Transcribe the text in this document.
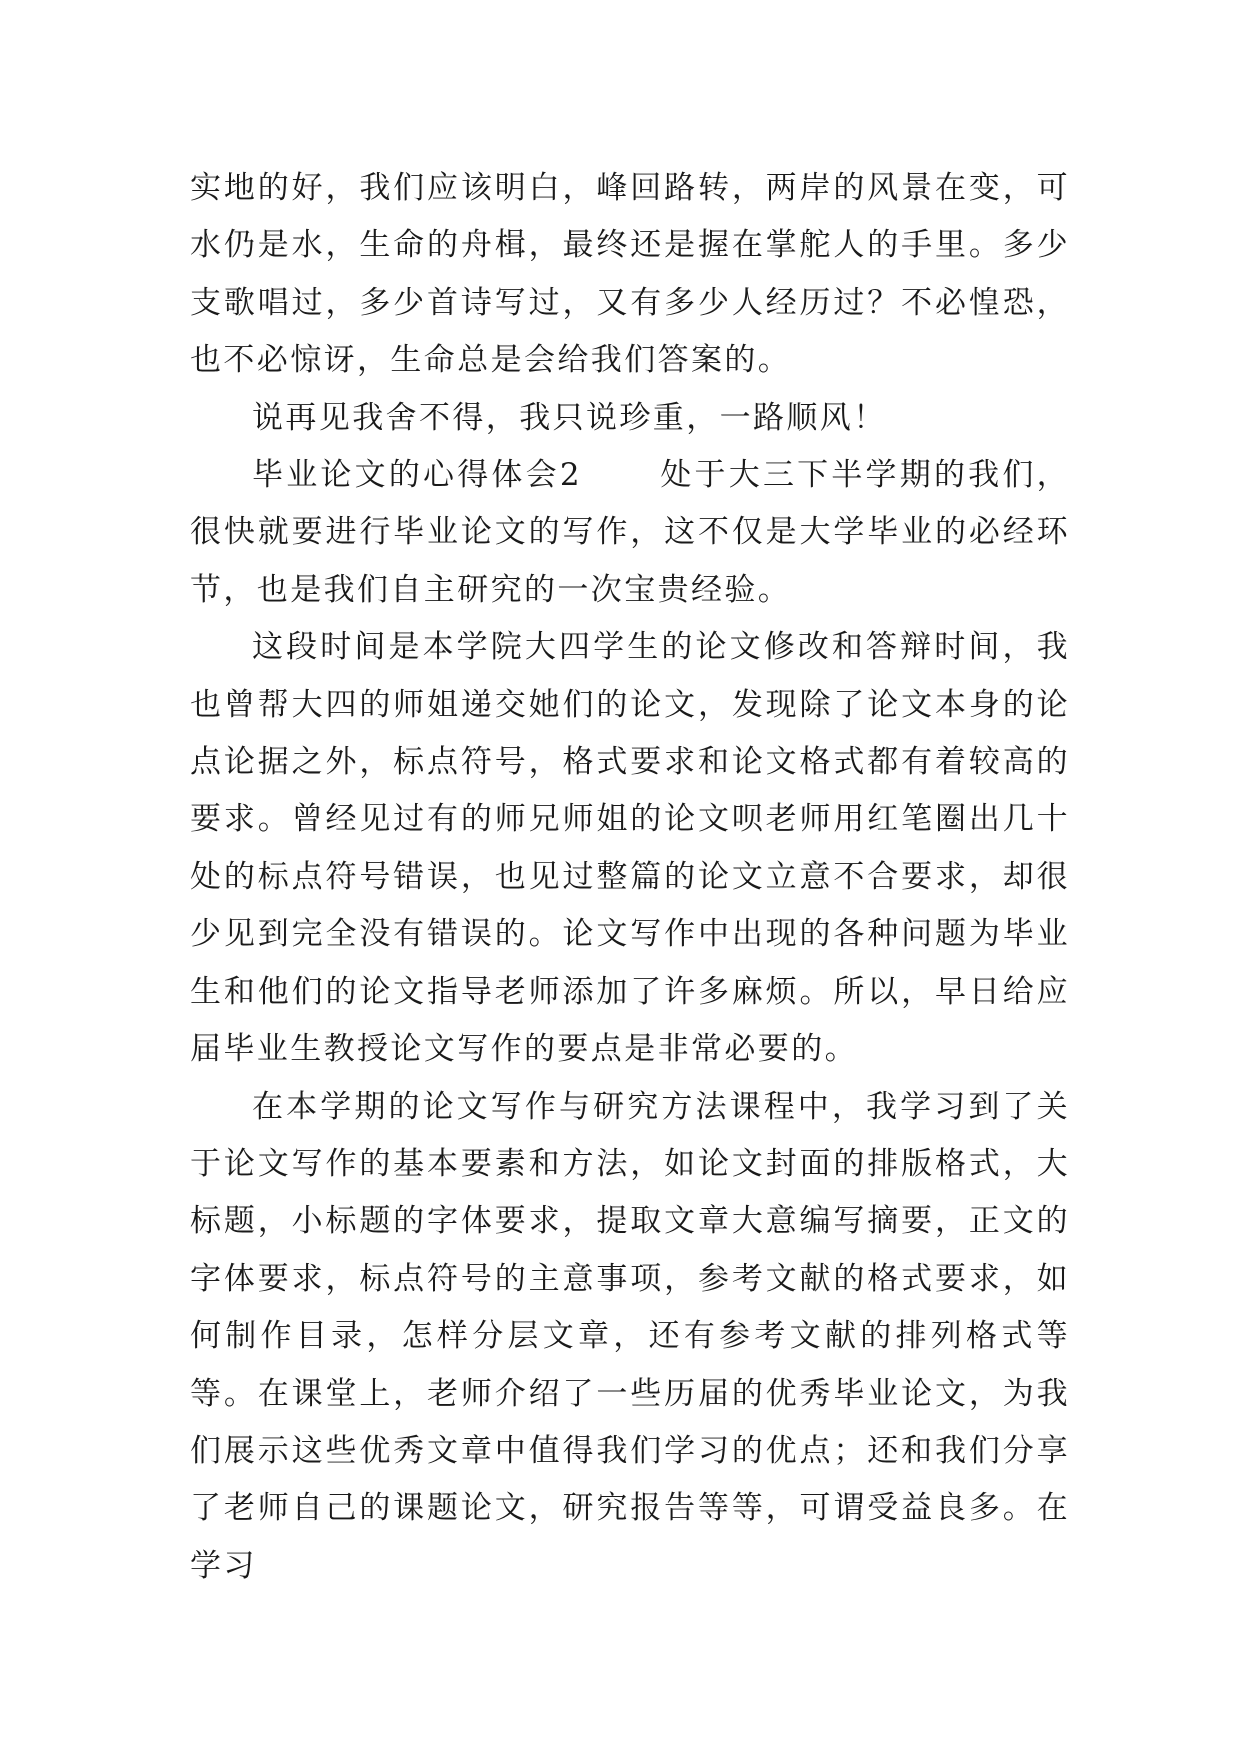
实地的好，我们应该明白，峰回路转，两岸的风景在变，可水仍是水，生命的舟楫，最终还是握在掌舵人的手里。多少支歌唱过，多少首诗写过，又有多少人经历过？不必惶恐，也不必惊讶，生命总是会给我们答案的。

说再见我舍不得，我只说珍重，一路顺风！

毕业论文的心得体会2	处于大三下半学期的我们，很快就要进行毕业论文的写作，这不仅是大学毕业的必经环节，也是我们自主研究的一次宝贵经验。

这段时间是本学院大四学生的论文修改和答辩时间，我也曾帮大四的师姐递交她们的论文，发现除了论文本身的论点论据之外，标点符号，格式要求和论文格式都有着较高的要求。曾经见过有的师兄师姐的论文呗老师用红笔圈出几十处的标点符号错误，也见过整篇的论文立意不合要求，却很少见到完全没有错误的。论文写作中出现的各种问题为毕业生和他们的论文指导老师添加了许多麻烦。所以，早日给应届毕业生教授论文写作的要点是非常必要的。

在本学期的论文写作与研究方法课程中，我学习到了关于论文写作的基本要素和方法，如论文封面的排版格式，大标题，小标题的字体要求，提取文章大意编写摘要，正文的字体要求，标点符号的主意事项，参考文献的格式要求，如何制作目录，怎样分层文章，还有参考文献的排列格式等等。在课堂上，老师介绍了一些历届的优秀毕业论文，为我们展示这些优秀文章中值得我们学习的优点；还和我们分享了老师自己的课题论文，研究报告等等，可谓受益良多。在学习
